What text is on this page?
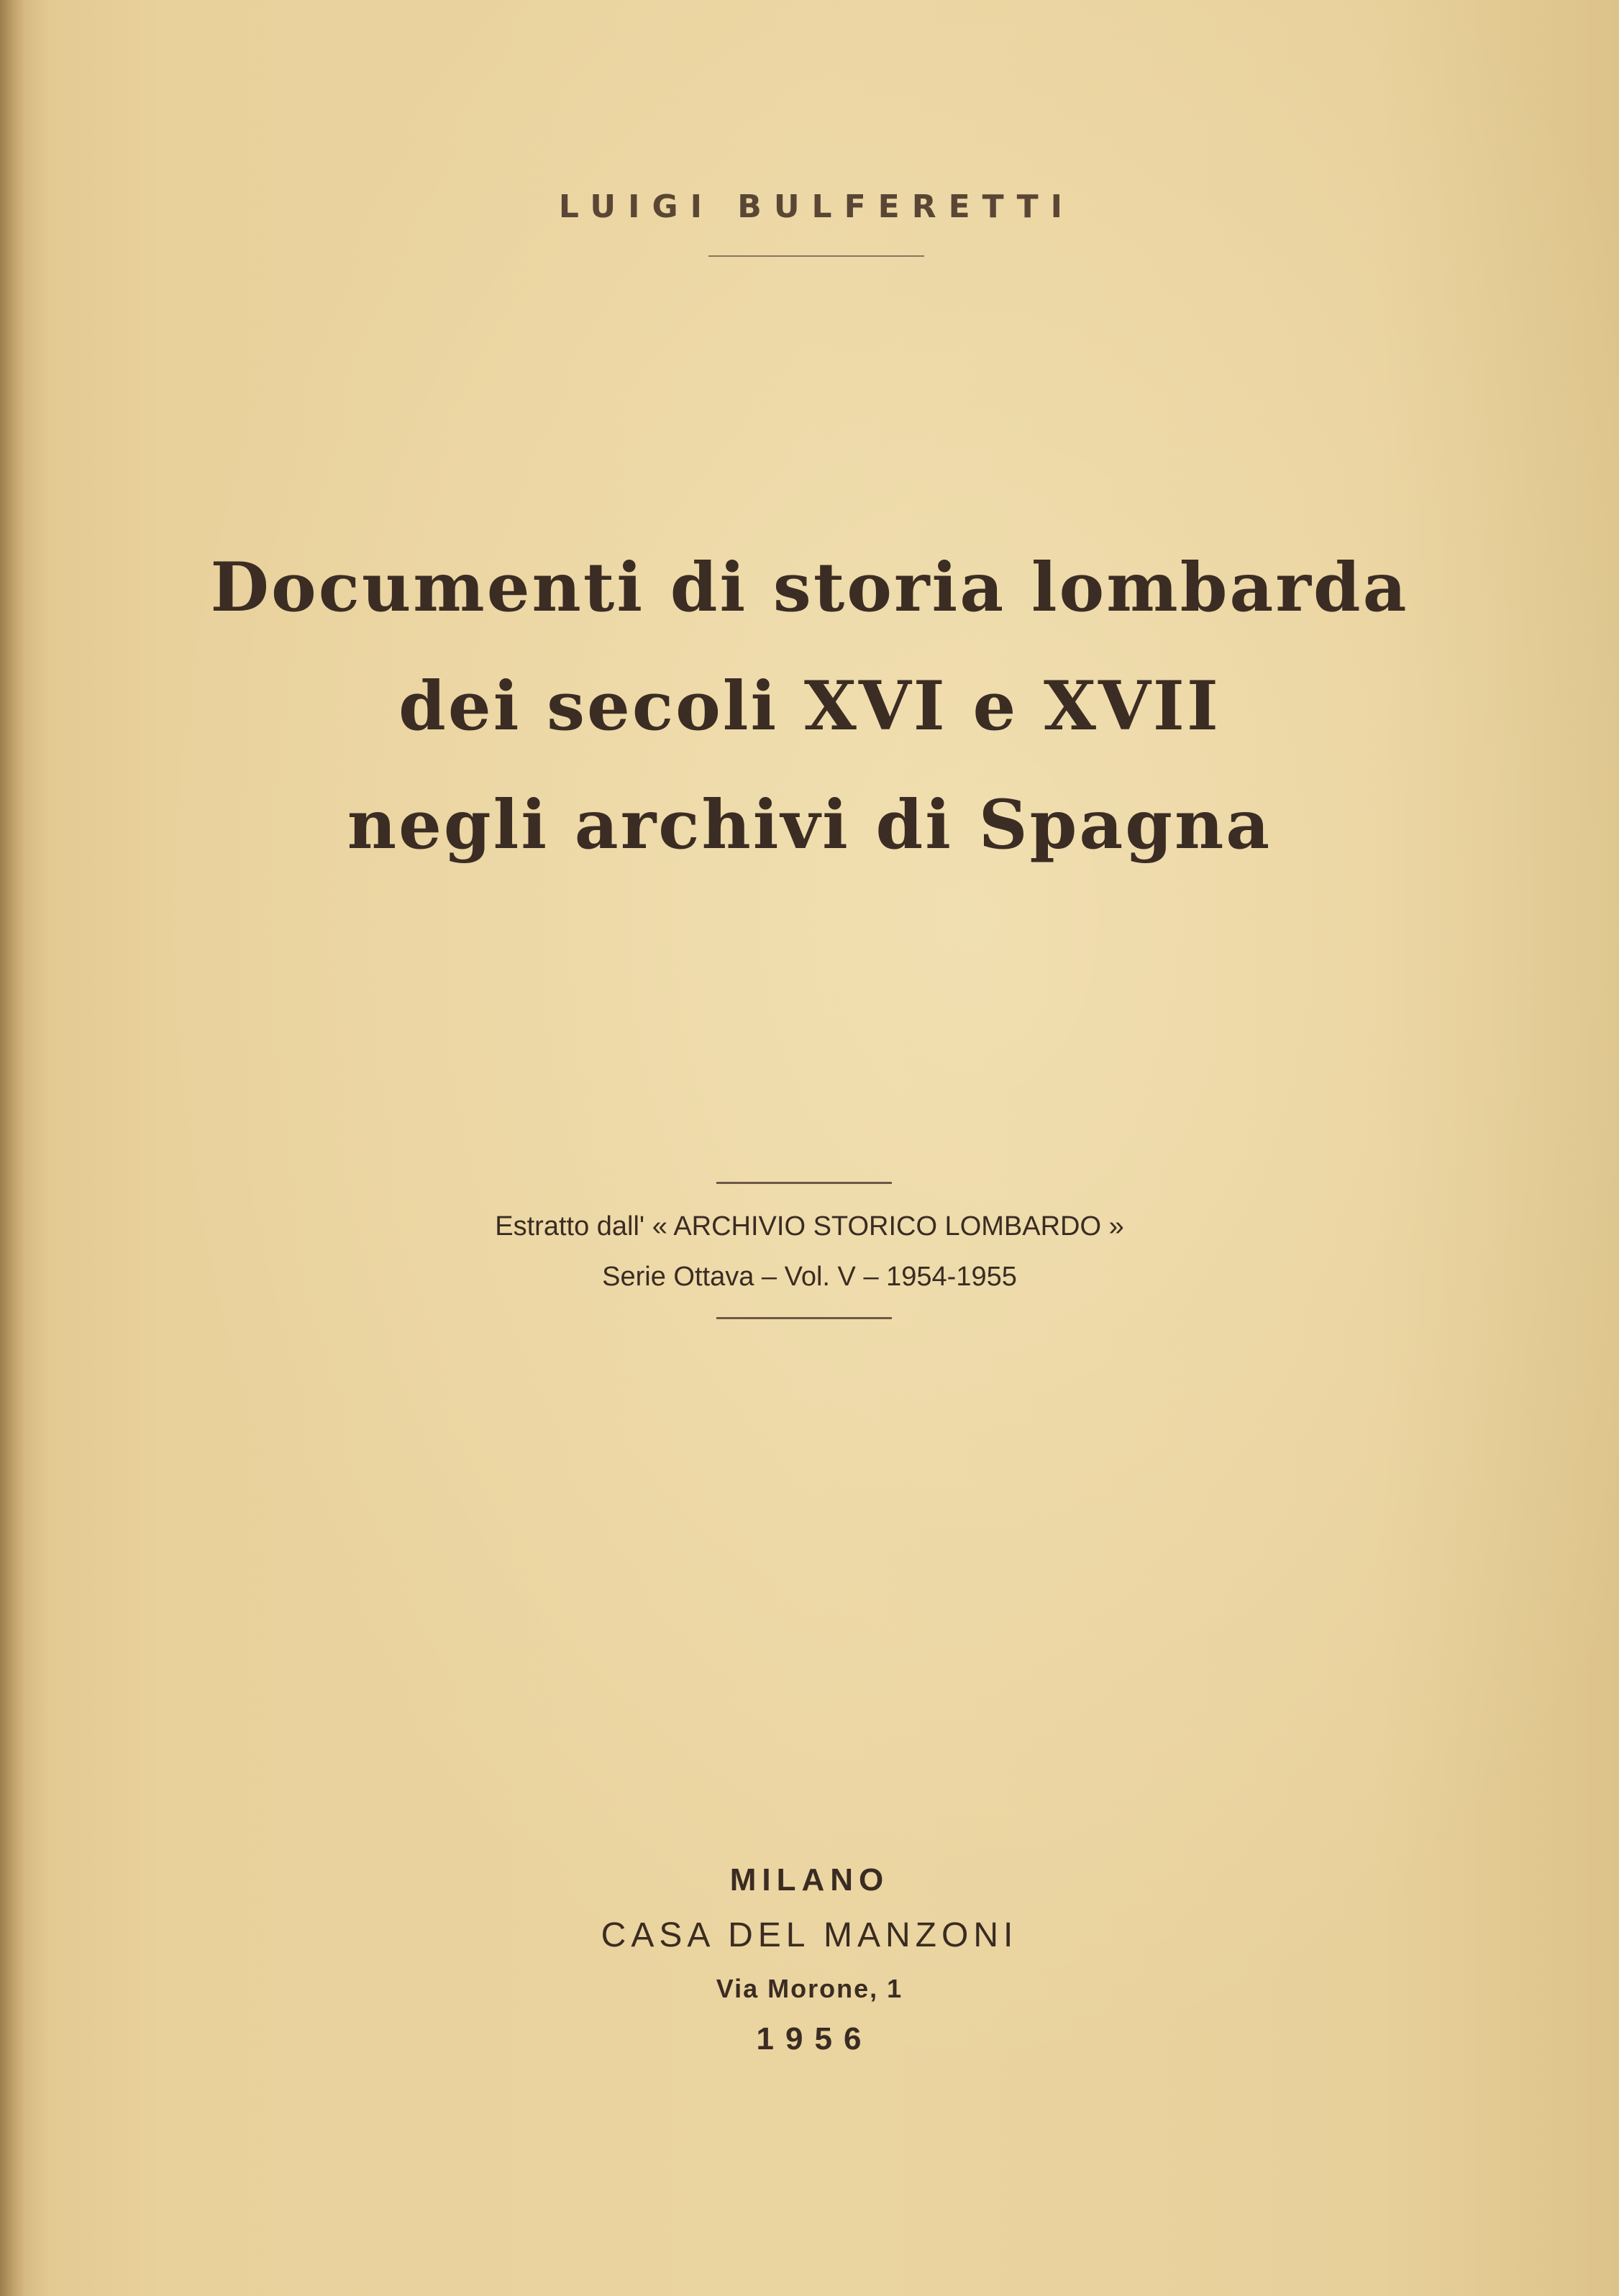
LUIGI BULFERETTI
Documenti di storia lombarda
dei secoli XVI e XVII
negli archivi di Spagna
Estratto dall' « ARCHIVIO STORICO LOMBARDO »
Serie Ottava – Vol. V – 1954-1955
MILANO
CASA DEL MANZONI
Via Morone, 1
1956
